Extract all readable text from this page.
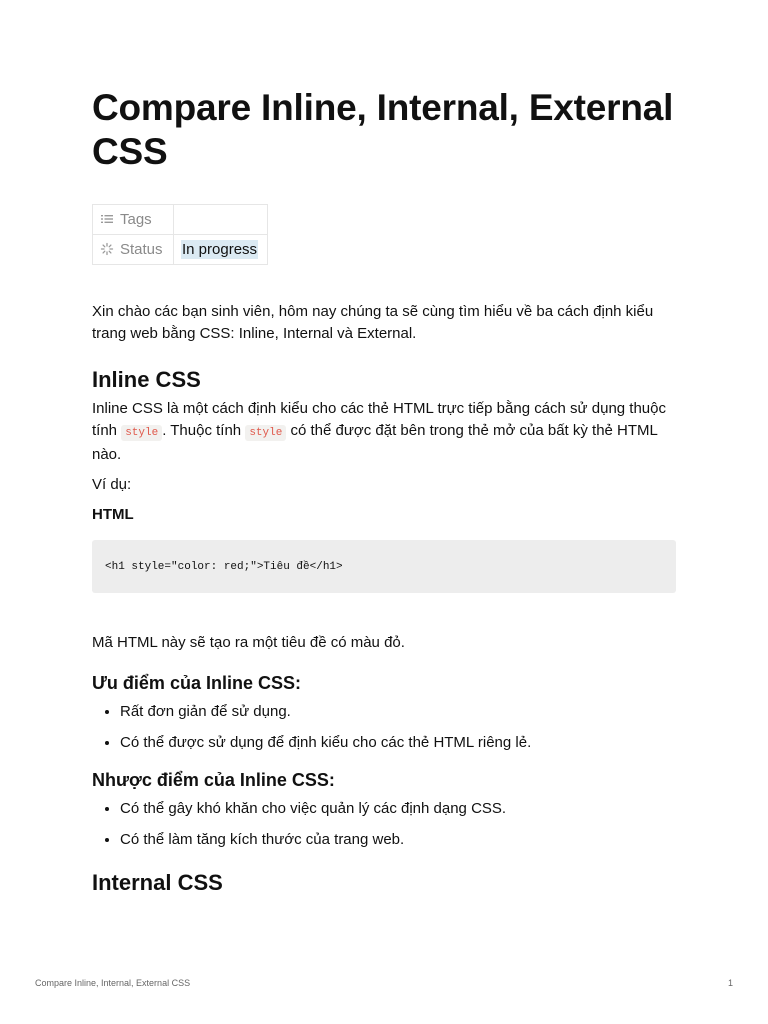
Compare Inline, Internal, External CSS
Tags	
Status	In progress

Xin chào các bạn sinh viên, hôm nay chúng ta sẽ cùng tìm hiểu về ba cách định kiểu trang web bằng CSS: Inline, Internal và External.

Inline CSS

Inline CSS là một cách định kiểu cho các thẻ HTML trực tiếp bằng cách sử dụng thuộc tính style . Thuộc tính style có thể được đặt bên trong thẻ mở của bất kỳ thẻ HTML nào.

Ví dụ:

HTML

<h1 style="color: red;">Tiêu đề</h1>

Mã HTML này sẽ tạo ra một tiêu đề có màu đỏ.

Ưu điểm của Inline CSS:
• Rất đơn giản để sử dụng.
• Có thể được sử dụng để định kiểu cho các thẻ HTML riêng lẻ.
Nhược điểm của Inline CSS:
• Có thể gây khó khăn cho việc quản lý các định dạng CSS.
• Có thể làm tăng kích thước của trang web.
Internal CSS
Compare Inline, Internal, External CSS	1
